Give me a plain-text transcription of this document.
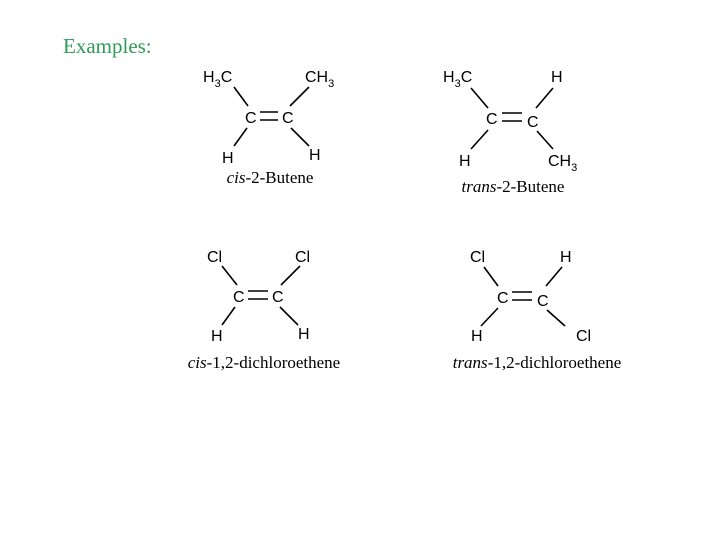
Examples:
$H_3C$	$CH_3$
C C
H	H
cis-2-Butene
$H_3C$	H
C C
H	$CH_3$
trans-2-Butene
Cl	Cl
C C
H	H
cis-1,2-dichloroethene
Cl	H
C C
H	Cl
trans-1,2-dichloroethene
